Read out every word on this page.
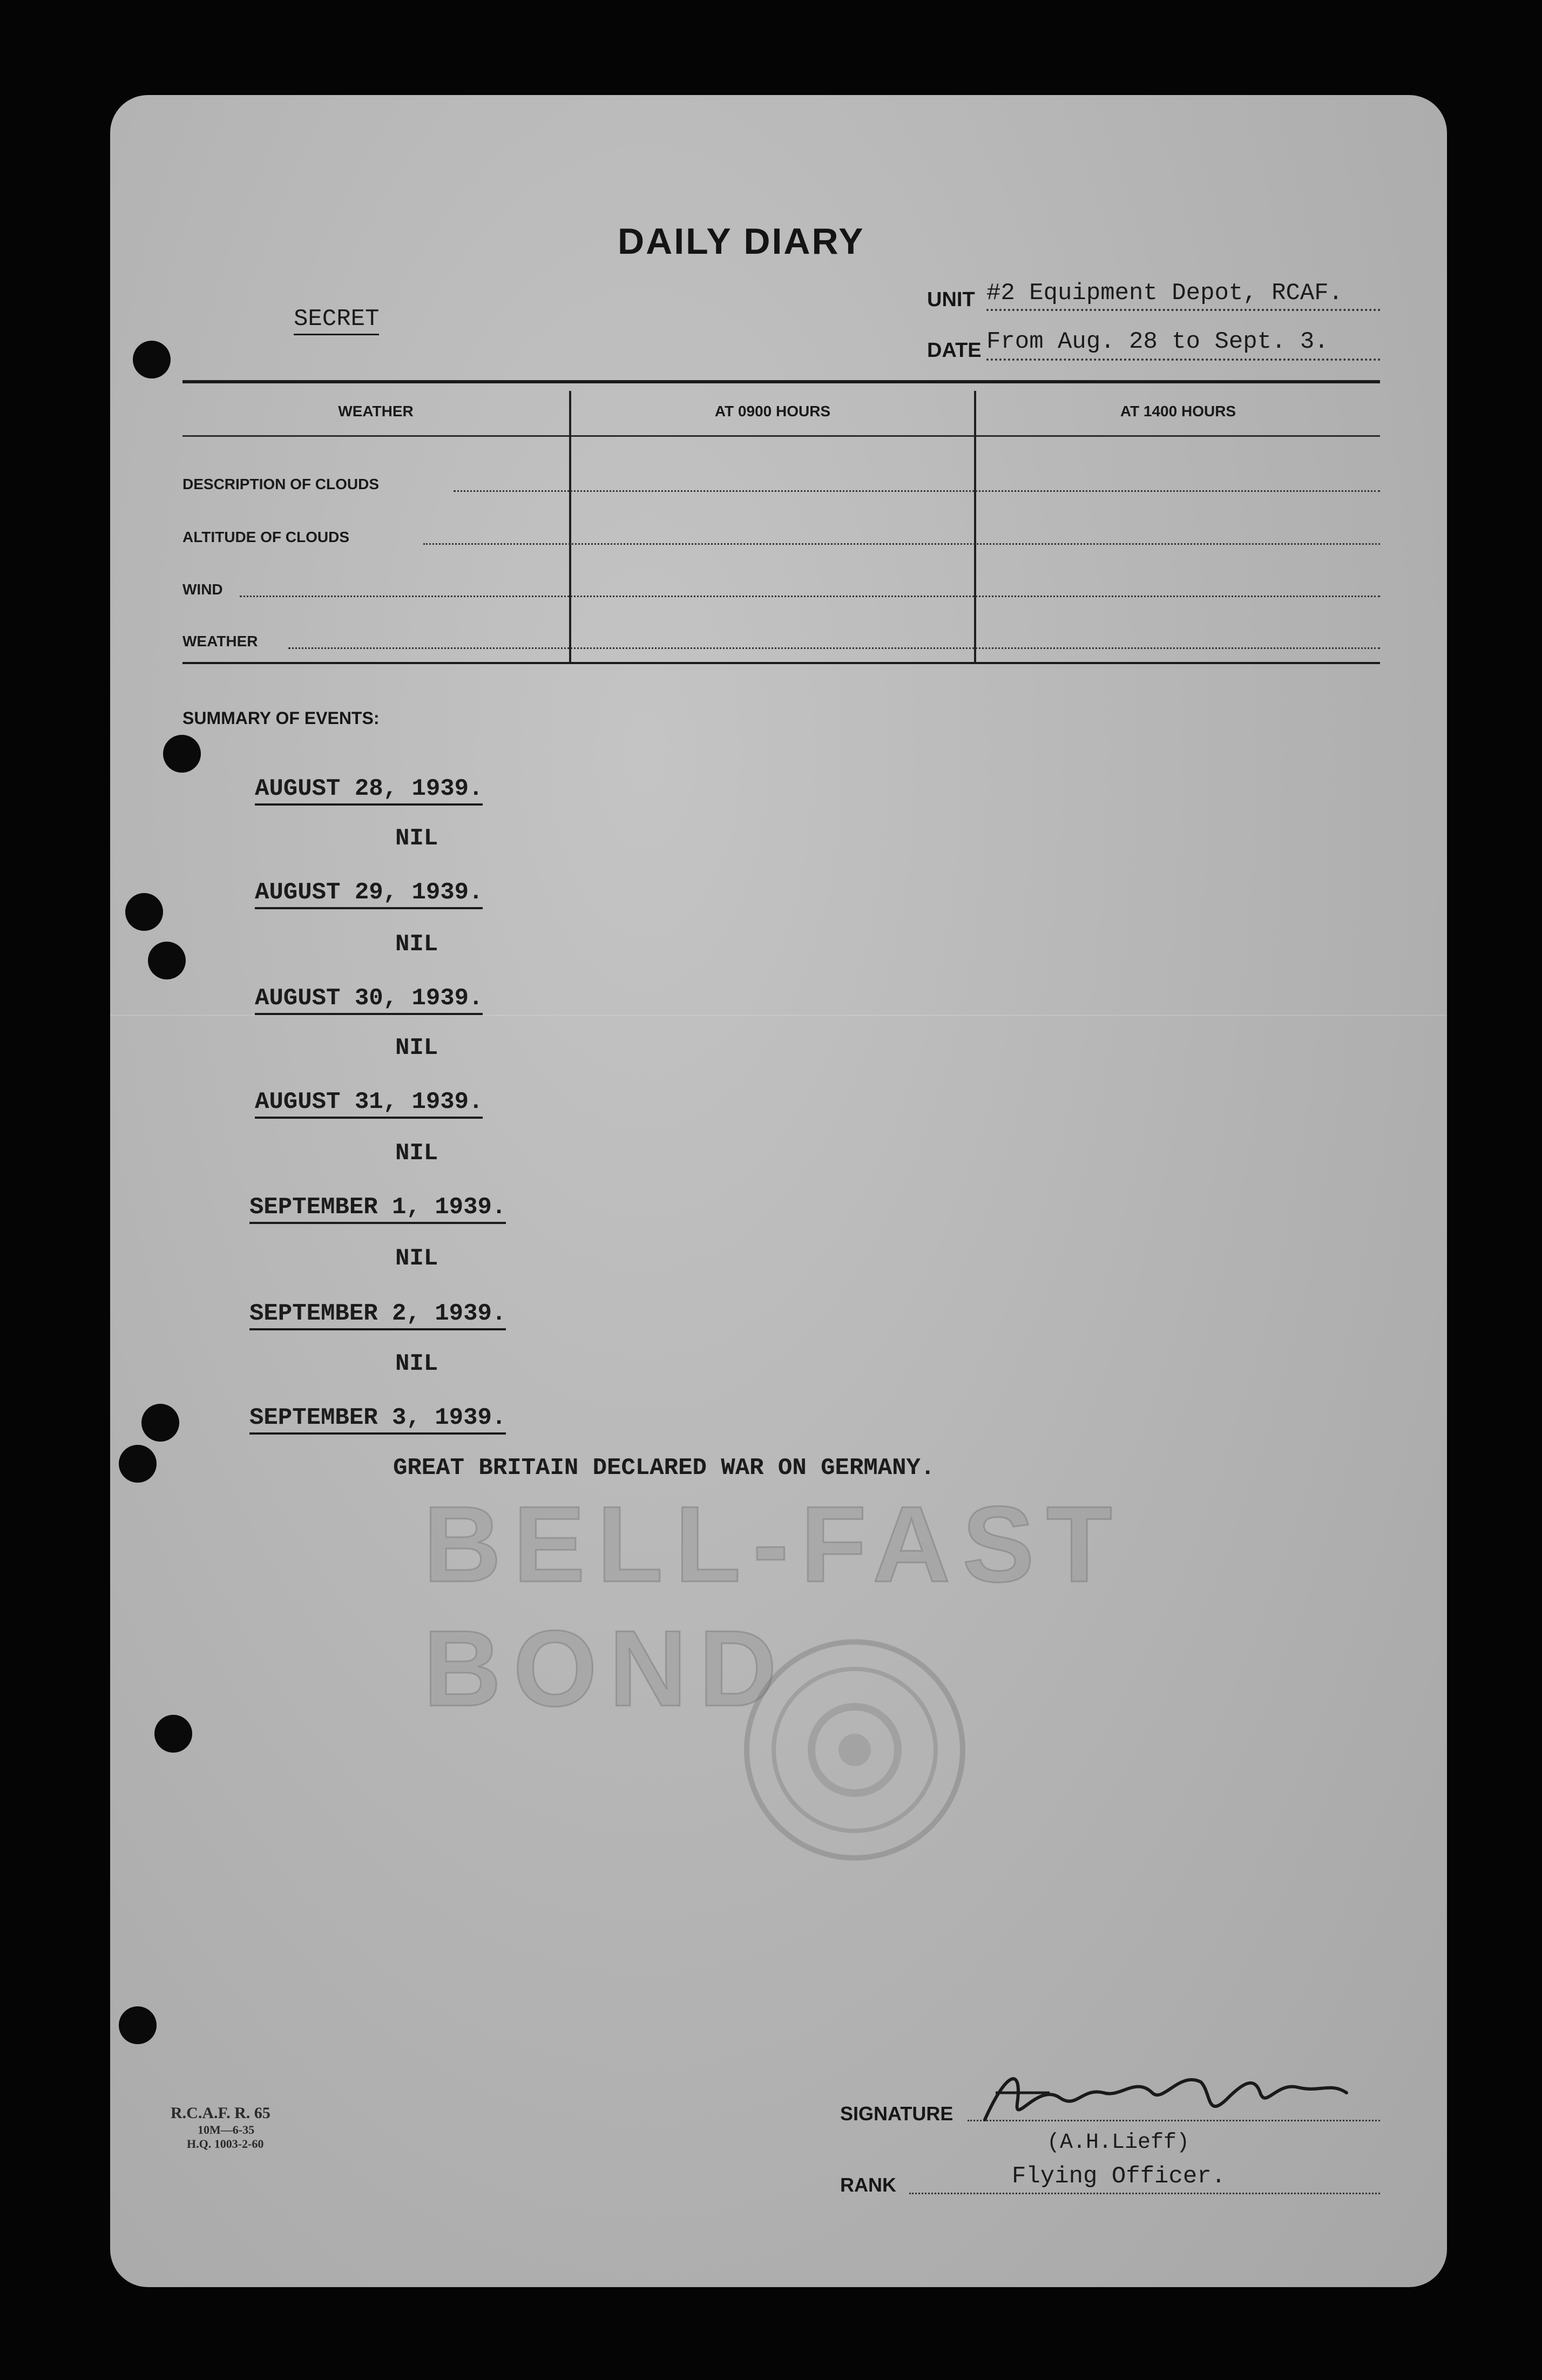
DAILY DIARY
SECRET
UNIT #2 Equipment Depot, RCAF.
DATE From Aug. 28 to Sept. 3.
WEATHER	AT 0900 HOURS	AT 1400 HOURS
DESCRIPTION OF CLOUDS
ALTITUDE OF CLOUDS
WIND
WEATHER
SUMMARY OF EVENTS:
AUGUST 28, 1939.
NIL
AUGUST 29, 1939.
NIL
AUGUST 30, 1939.
NIL
AUGUST 31, 1939.
NIL
SEPTEMBER 1, 1939.
NIL
SEPTEMBER 2, 1939.
NIL
SEPTEMBER 3, 1939.
GREAT BRITAIN DECLARED WAR ON GERMANY.
BELL-FAST BOND
R.C.A.F. R. 65
10M—6-35
H.Q. 1003-2-60
SIGNATURE
(A.H.Lieff)
RANK	Flying Officer.
